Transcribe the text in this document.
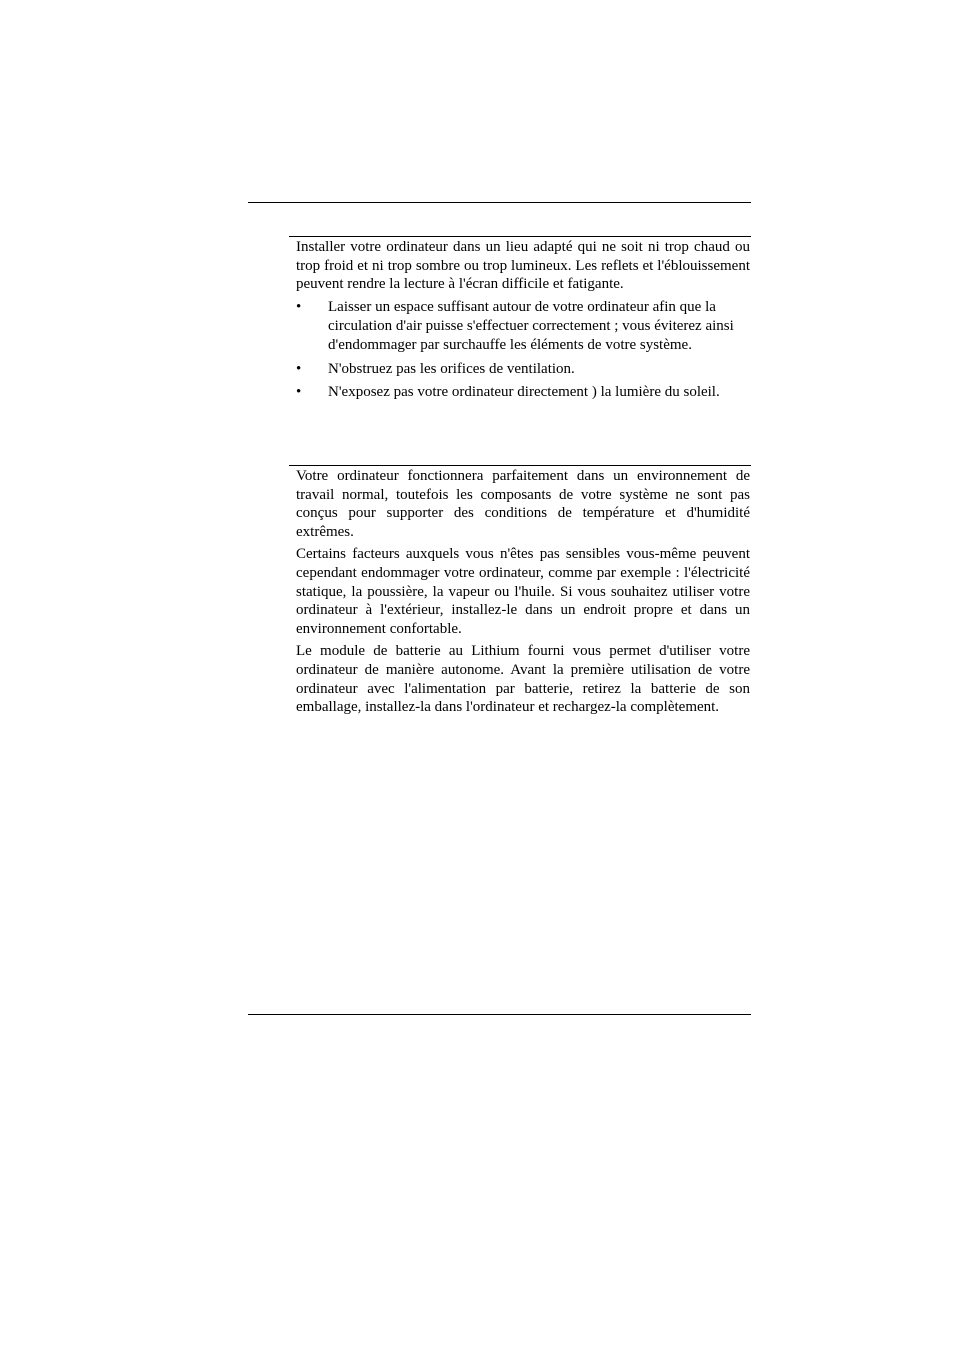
Installer votre ordinateur dans un lieu adapté qui ne soit ni trop chaud ou trop froid et ni trop sombre ou trop lumineux. Les reflets et l'éblouissement peuvent rendre la lecture à l'écran difficile et fatigante.

•	Laisser un espace suffisant autour de votre ordinateur afin que la circulation d'air puisse s'effectuer correctement ; vous éviterez ainsi d'endommager par surchauffe les éléments de votre système.
•	N'obstruez pas les orifices de ventilation.
•	N'exposez pas votre ordinateur directement ) la lumière du soleil.

Votre ordinateur fonctionnera parfaitement dans un environnement de travail normal, toutefois les composants de votre système ne sont pas conçus pour supporter des conditions de température et d'humidité extrêmes.

Certains facteurs auxquels vous n'êtes pas sensibles vous-même peuvent cependant endommager votre ordinateur, comme par exemple : l'électricité statique, la poussière, la vapeur ou l'huile. Si vous souhaitez utiliser votre ordinateur à l'extérieur, installez-le dans un endroit propre et dans un environnement confortable.

Le module de batterie au Lithium fourni vous permet d'utiliser votre ordinateur de manière autonome. Avant la première utilisation de votre ordinateur avec l'alimentation par batterie, retirez la batterie de son emballage, installez-la dans l'ordinateur et rechargez-la complètement.
